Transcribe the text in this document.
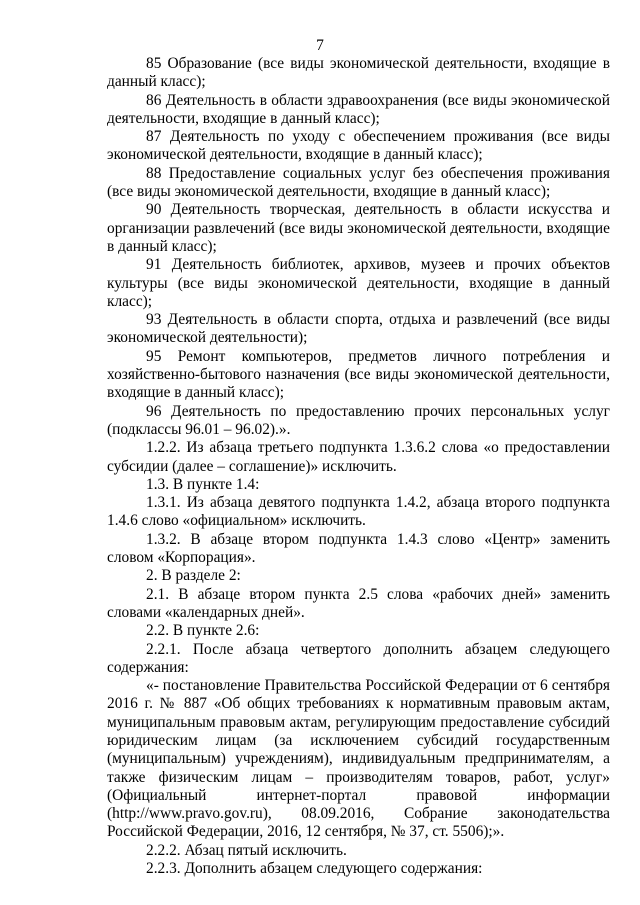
7

85 Образование (все виды экономической деятельности, входящие в данный класс);

86 Деятельность в области здравоохранения (все виды экономической деятельности, входящие в данный класс);

87 Деятельность по уходу с обеспечением проживания (все виды экономической деятельности, входящие в данный класс);

88 Предоставление социальных услуг без обеспечения проживания (все виды экономической деятельности, входящие в данный класс);

90 Деятельность творческая, деятельность в области искусства и организации развлечений (все виды экономической деятельности, входящие в данный класс);

91 Деятельность библиотек, архивов, музеев и прочих объектов культуры (все виды экономической деятельности, входящие в данный класс);

93 Деятельность в области спорта, отдыха и развлечений (все виды экономической деятельности);

95 Ремонт компьютеров, предметов личного потребления и хозяйственно-бытового назначения (все виды экономической деятельности, входящие в данный класс);

96 Деятельность по предоставлению прочих персональных услуг (подклассы 96.01 – 96.02).».

1.2.2. Из абзаца третьего подпункта 1.3.6.2 слова «о предоставлении субсидии (далее – соглашение)» исключить.

1.3. В пункте 1.4:

1.3.1. Из абзаца девятого подпункта 1.4.2, абзаца второго подпункта 1.4.6 слово «официальном» исключить.

1.3.2. В абзаце втором подпункта 1.4.3 слово «Центр» заменить словом «Корпорация».

2. В разделе 2:

2.1. В абзаце втором пункта 2.5 слова «рабочих дней» заменить словами «календарных дней».

2.2. В пункте 2.6:

2.2.1. После абзаца четвертого дополнить абзацем следующего содержания:

«- постановление Правительства Российской Федерации от 6 сентября 2016 г. № 887 «Об общих требованиях к нормативным правовым актам, муниципальным правовым актам, регулирующим предоставление субсидий юридическим лицам (за исключением субсидий государственным (муниципальным) учреждениям), индивидуальным предпринимателям, а также физическим лицам – производителям товаров, работ, услуг» (Официальный интернет-портал правовой информации (http://www.pravo.gov.ru), 08.09.2016, Собрание законодательства Российской Федерации, 2016, 12 сентября, № 37, ст. 5506);».

2.2.2. Абзац пятый исключить.

2.2.3. Дополнить абзацем следующего содержания:
